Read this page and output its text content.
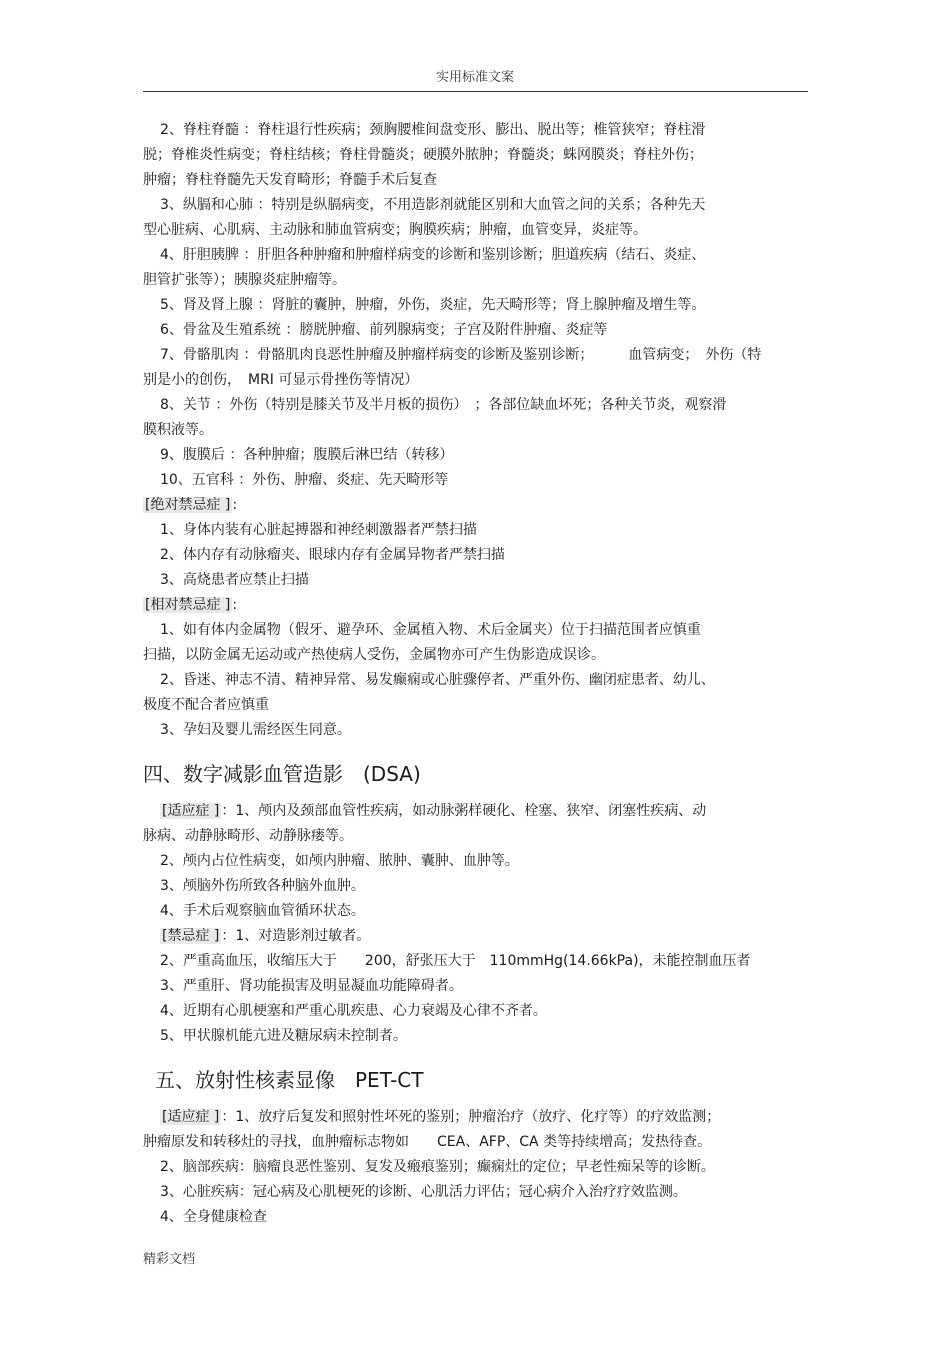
实用标准文案
2、脊柱脊髓 ：脊柱退行性疾病；颈胸腰椎间盘变形、膨出、脱出等；椎管狭窄；脊柱滑
脱；脊椎炎性病变；脊柱结核；脊柱骨髓炎；硬膜外脓肿；脊髓炎；蛛网膜炎；脊柱外伤；
肿瘤；脊柱脊髓先天发育畸形；脊髓手术后复查
3、纵膈和心肺 ：特别是纵膈病变，不用造影剂就能区别和大血管之间的关系；各种先天
型心脏病、心肌病、主动脉和肺血管病变；胸膜疾病；肿瘤，血管变异，炎症等。
4、肝胆胰脾 ：肝胆各种肿瘤和肿瘤样病变的诊断和鉴别诊断；胆道疾病（结石、炎症、
胆管扩张等）；胰腺炎症肿瘤等。
5、肾及肾上腺 ：肾脏的囊肿，肿瘤，外伤，炎症，先天畸形等；肾上腺肿瘤及增生等。
6、骨盆及生殖系统 ：膀胱肿瘤、前列腺病变；子宫及附件肿瘤、炎症等
7、骨骼肌肉 ：骨骼肌肉良恶性肿瘤及肿瘤样病变的诊断及鉴别诊断；　　　血管病变；　外伤（特
别是小的创伤，　MRI 可显示骨挫伤等情况）
8、关节 ：外伤（特别是膝关节及半月板的损伤）　；各部位缺血坏死；各种关节炎，观察滑
膜积液等。
9、腹膜后 ：各种肿瘤；腹膜后淋巴结（转移）
10、五官科 ：外伤、肿瘤、炎症、先天畸形等
[绝对禁忌症 ] :
1、身体内装有心脏起搏器和神经刺激器者严禁扫描
2、体内存有动脉瘤夹、眼球内存有金属异物者严禁扫描
3、高烧患者应禁止扫描
[相对禁忌症 ] :
1、如有体内金属物（假牙、避孕环、金属植入物、术后金属夹）位于扫描范围者应慎重
扫描，以防金属无运动或产热使病人受伤，金属物亦可产生伪影造成误诊。
2、昏迷、神志不清、精神异常、易发癫痫或心脏骤停者、严重外伤、幽闭症患者、幼儿、
极度不配合者应慎重
3、孕妇及婴儿需经医生同意。
四、数字减影血管造影　(DSA)
[适应症 ] ：1、颅内及颈部血管性疾病，如动脉粥样硬化、栓塞、狭窄、闭塞性疾病、动
脉病、动静脉畸形、动静脉瘘等。
2、颅内占位性病变，如颅内肿瘤、脓肿、囊肿、血肿等。
3、颅脑外伤所致各种脑外血肿。
4、手术后观察脑血管循环状态。
[禁忌症 ] ：1、对造影剂过敏者。
2、严重高血压，收缩压大于　　200，舒张压大于　110mmHg(14.66kPa)，未能控制血压者
3、严重肝、肾功能损害及明显凝血功能障碍者。
4、近期有心肌梗塞和严重心肌疾患、心力衰竭及心律不齐者。
5、甲状腺机能亢进及糖尿病未控制者。
五、放射性核素显像　PET-CT
[适应症 ] ：1、放疗后复发和照射性坏死的鉴别；肿瘤治疗（放疗、化疗等）的疗效监测；
肿瘤原发和转移灶的寻找，血肿瘤标志物如　　CEA、AFP、CA 类等持续增高；发热待查。
2、脑部疾病：脑瘤良恶性鉴别、复发及瘢痕鉴别；癫痫灶的定位；早老性痴呆等的诊断。
3、心脏疾病：冠心病及心肌梗死的诊断、心肌活力评估；冠心病介入治疗疗效监测。
4、全身健康检查
精彩文档
